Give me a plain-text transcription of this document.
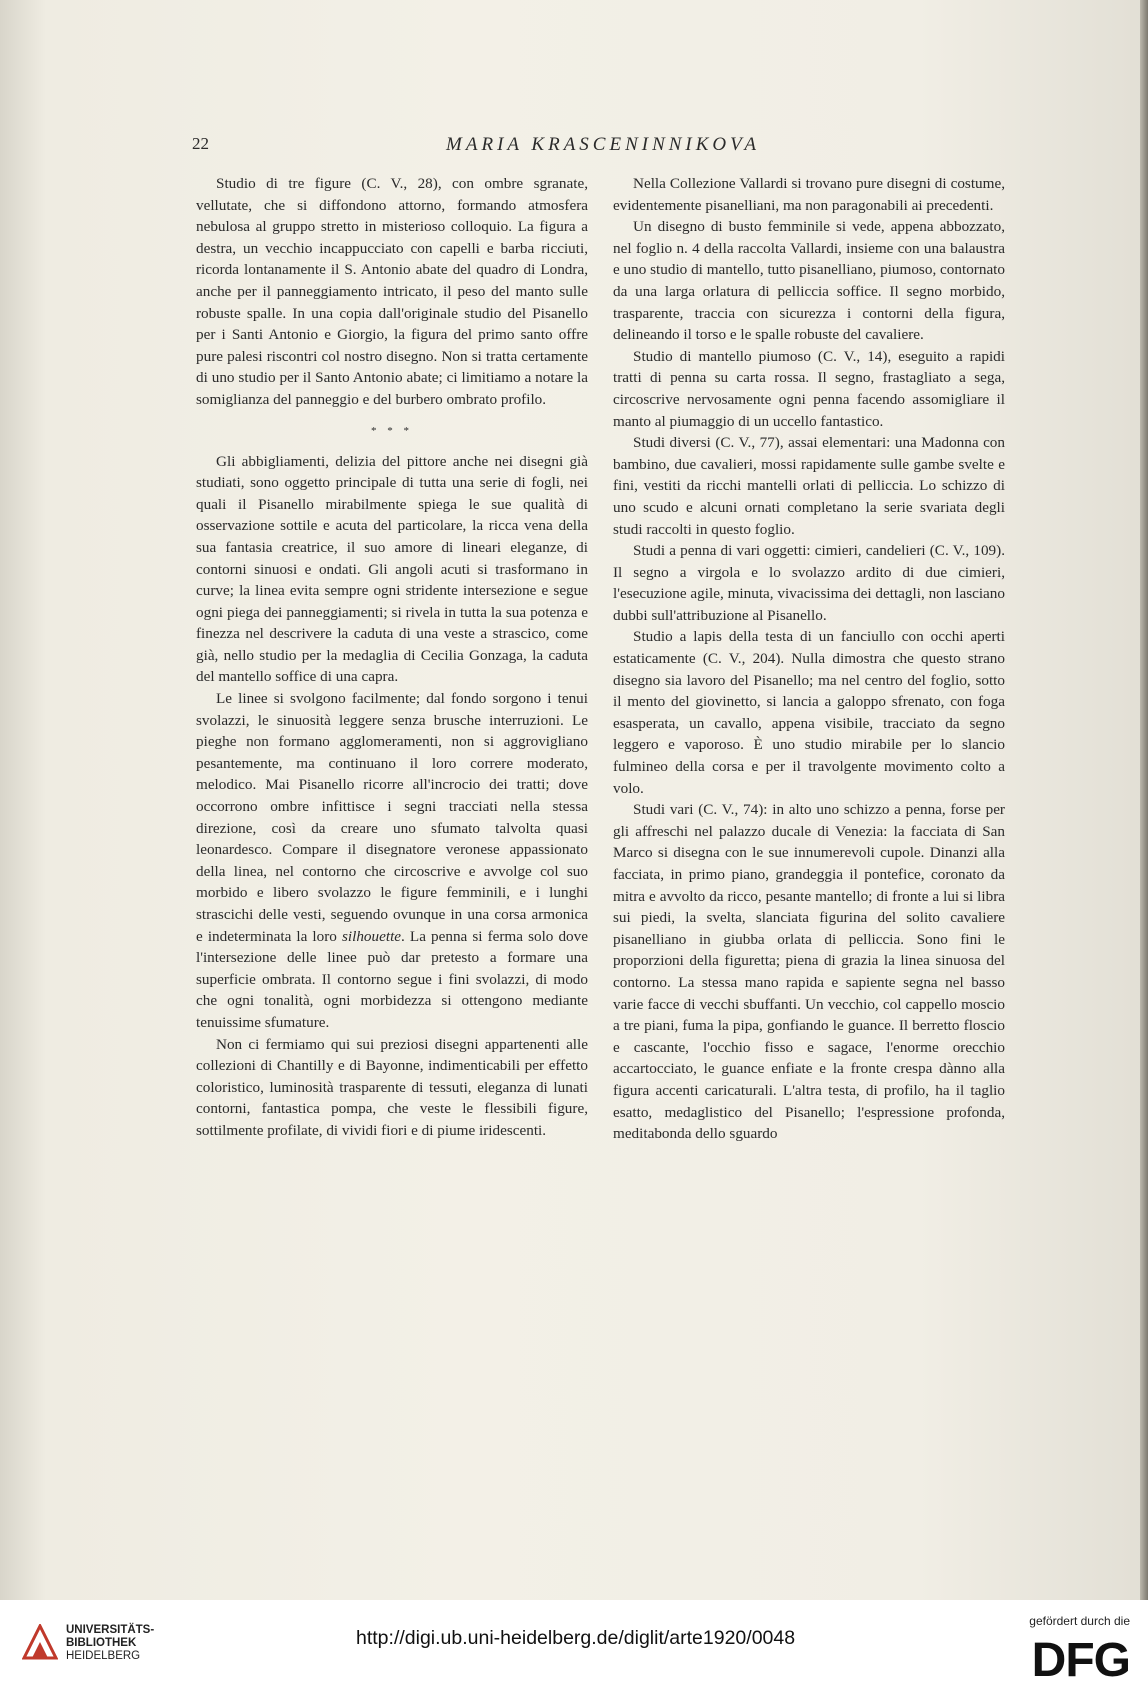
22	MARIA KRASCENINNIKOVA

Studio di tre figure (C. V., 28), con ombre sgranate, vellutate, che si diffondono attorno, formando atmosfera nebulosa al gruppo stretto in misterioso colloquio. La figura a destra, un vecchio incappucciato con capelli e barba ricciuti, ricorda lontanamente il S. Antonio abate del quadro di Londra, anche per il panneggiamento intricato, il peso del manto sulle robuste spalle. In una copia dall'originale studio del Pisanello per i Santi Antonio e Giorgio, la figura del primo santo offre pure palesi riscontri col nostro disegno. Non si tratta certamente di uno studio per il Santo Antonio abate; ci limitiamo a notare la somiglianza del panneggio e del burbero ombrato profilo.

* * *

Gli abbigliamenti, delizia del pittore anche nei disegni già studiati, sono oggetto principale di tutta una serie di fogli, nei quali il Pisanello mirabilmente spiega le sue qualità di osservazione sottile e acuta del particolare, la ricca vena della sua fantasia creatrice, il suo amore di lineari eleganze, di contorni sinuosi e ondati. Gli angoli acuti si trasformano in curve; la linea evita sempre ogni stridente intersezione e segue ogni piega dei panneggiamenti; si rivela in tutta la sua potenza e finezza nel descrivere la caduta di una veste a strascico, come già, nello studio per la medaglia di Cecilia Gonzaga, la caduta del mantello soffice di una capra.

Le linee si svolgono facilmente; dal fondo sorgono i tenui svolazzi, le sinuosità leggere senza brusche interruzioni. Le pieghe non formano agglomeramenti, non si aggrovigliano pesantemente, ma continuano il loro correre moderato, melodico. Mai Pisanello ricorre all'incrocio dei tratti; dove occorrono ombre infittisce i segni tracciati nella stessa direzione, così da creare uno sfumato talvolta quasi leonardesco. Compare il disegnatore veronese appassionato della linea, nel contorno che circoscrive e avvolge col suo morbido e libero svolazzo le figure femminili, e i lunghi strascichi delle vesti, seguendo ovunque in una corsa armonica e indeterminata la loro silhouette. La penna si ferma solo dove l'intersezione delle linee può dar pretesto a formare una superficie ombrata. Il contorno segue i fini svolazzi, di modo che ogni tonalità, ogni morbidezza si ottengono mediante tenuissime sfumature.

Non ci fermiamo qui sui preziosi disegni appartenenti alle collezioni di Chantilly e di Bayonne, indimenticabili per effetto coloristico, luminosità trasparente di tessuti, eleganza di lunati contorni, fantastica pompa, che veste le flessibili figure, sottilmente profilate, di vividi fiori e di piume iridescenti.

Nella Collezione Vallardi si trovano pure disegni di costume, evidentemente pisanelliani, ma non paragonabili ai precedenti.

Un disegno di busto femminile si vede, appena abbozzato, nel foglio n. 4 della raccolta Vallardi, insieme con una balaustra e uno studio di mantello, tutto pisanelliano, piumoso, contornato da una larga orlatura di pelliccia soffice. Il segno morbido, trasparente, traccia con sicurezza i contorni della figura, delineando il torso e le spalle robuste del cavaliere.

Studio di mantello piumoso (C. V., 14), eseguito a rapidi tratti di penna su carta rossa. Il segno, frastagliato a sega, circoscrive nervosamente ogni penna facendo assomigliare il manto al piumaggio di un uccello fantastico.

Studi diversi (C. V., 77), assai elementari: una Madonna con bambino, due cavalieri, mossi rapidamente sulle gambe svelte e fini, vestiti da ricchi mantelli orlati di pelliccia. Lo schizzo di uno scudo e alcuni ornati completano la serie svariata degli studi raccolti in questo foglio.

Studi a penna di vari oggetti: cimieri, candelieri (C. V., 109). Il segno a virgola e lo svolazzo ardito di due cimieri, l'esecuzione agile, minuta, vivacissima dei dettagli, non lasciano dubbi sull'attribuzione al Pisanello.

Studio a lapis della testa di un fanciullo con occhi aperti estaticamente (C. V., 204). Nulla dimostra che questo strano disegno sia lavoro del Pisanello; ma nel centro del foglio, sotto il mento del giovinetto, si lancia a galoppo sfrenato, con foga esasperata, un cavallo, appena visibile, tracciato da segno leggero e vaporoso. È uno studio mirabile per lo slancio fulmineo della corsa e per il travolgente movimento colto a volo.

Studi vari (C. V., 74): in alto uno schizzo a penna, forse per gli affreschi nel palazzo ducale di Venezia: la facciata di San Marco si disegna con le sue innumerevoli cupole. Dinanzi alla facciata, in primo piano, grandeggia il pontefice, coronato da mitra e avvolto da ricco, pesante mantello; di fronte a lui si libra sui piedi, la svelta, slanciata figurina del solito cavaliere pisanelliano in giubba orlata di pelliccia. Sono fini le proporzioni della figuretta; piena di grazia la linea sinuosa del contorno. La stessa mano rapida e sapiente segna nel basso varie facce di vecchi sbuffanti. Un vecchio, col cappello moscio a tre piani, fuma la pipa, gonfiando le guance. Il berretto floscio e cascante, l'occhio fisso e sagace, l'enorme orecchio accartocciato, le guance enfiate e la fronte crespa dànno alla figura accenti caricaturali. L'altra testa, di profilo, ha il taglio esatto, medaglistico del Pisanello; l'espressione profonda, meditabonda dello sguardo

UNIVERSITÄTS-
BIBLIOTHEK
HEIDELBERG
http://digi.ub.uni-heidelberg.de/diglit/arte1920/0048
gefördert durch die
DFG
